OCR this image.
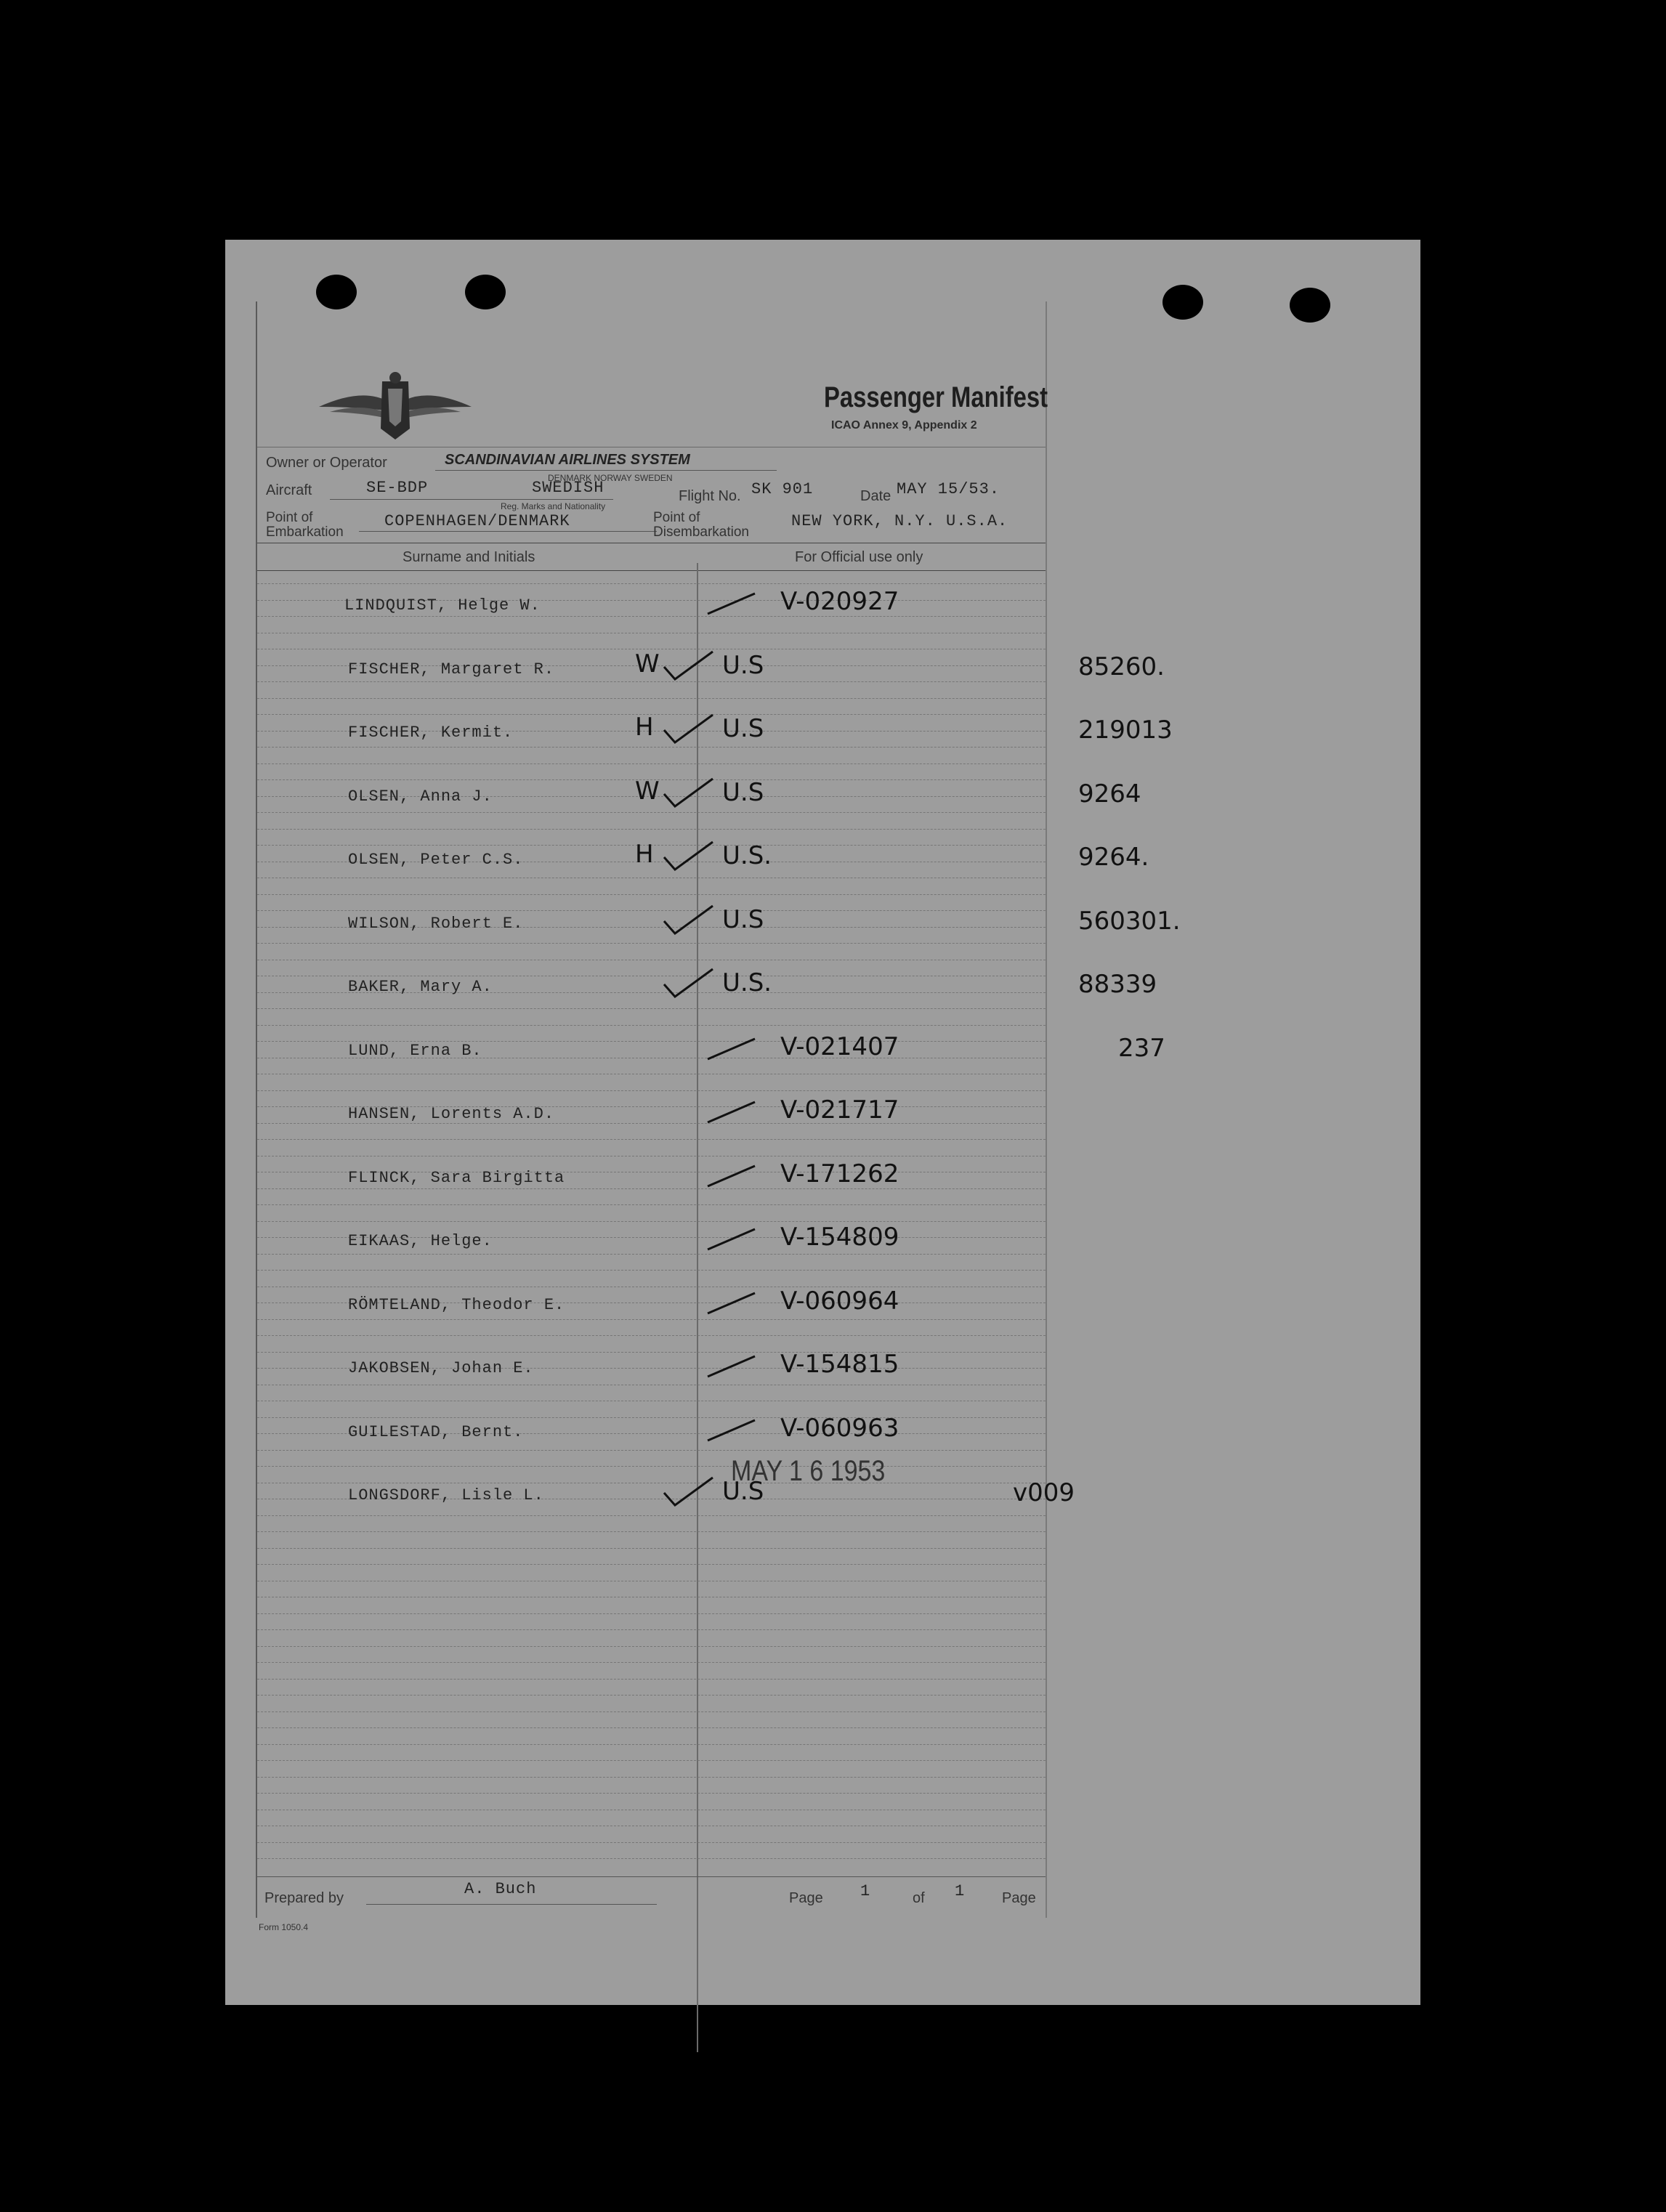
Passenger Manifest
ICAO Annex 9, Appendix 2
Owner or Operator	SCANDINAVIAN AIRLINES SYSTEM
DENMARK NORWAY SWEDEN
Aircraft	SE-BDP	SWEDISH
Reg. Marks and Nationality
Flight No. SK 901	Date MAY 15/53.
Point of
Embarkation
COPENHAGEN/DENMARK	Point of
Disembarkation
NEW YORK, N.Y. U.S.A.
Surname and Initials	For Official use only
LINDQUIST, Helge W.	V-020927
FISCHER, Margaret R.	W	U.S	85260.
FISCHER, Kermit.	H	U.S	219013
OLSEN, Anna J.	W	U.S	9264
OLSEN, Peter C.S.	H	U.S.	9264.
WILSON, Robert E.	U.S	560301.
BAKER, Mary A.	U.S.	88339
LUND, Erna B.	V-021407	237
HANSEN, Lorents A.D.	V-021717
FLINCK, Sara Birgitta	V-171262
EIKAAS, Helge.	V-154809
RÖMTELAND, Theodor E.	V-060964
JAKOBSEN, Johan E.	V-154815
GUILESTAD, Bernt.	V-060963
LONGSDORF, Lisle L.	U.S	v009
MAY 1 6 1953
Prepared by	A. Buch	Page 1	of 1	Page
Form 1050.4
